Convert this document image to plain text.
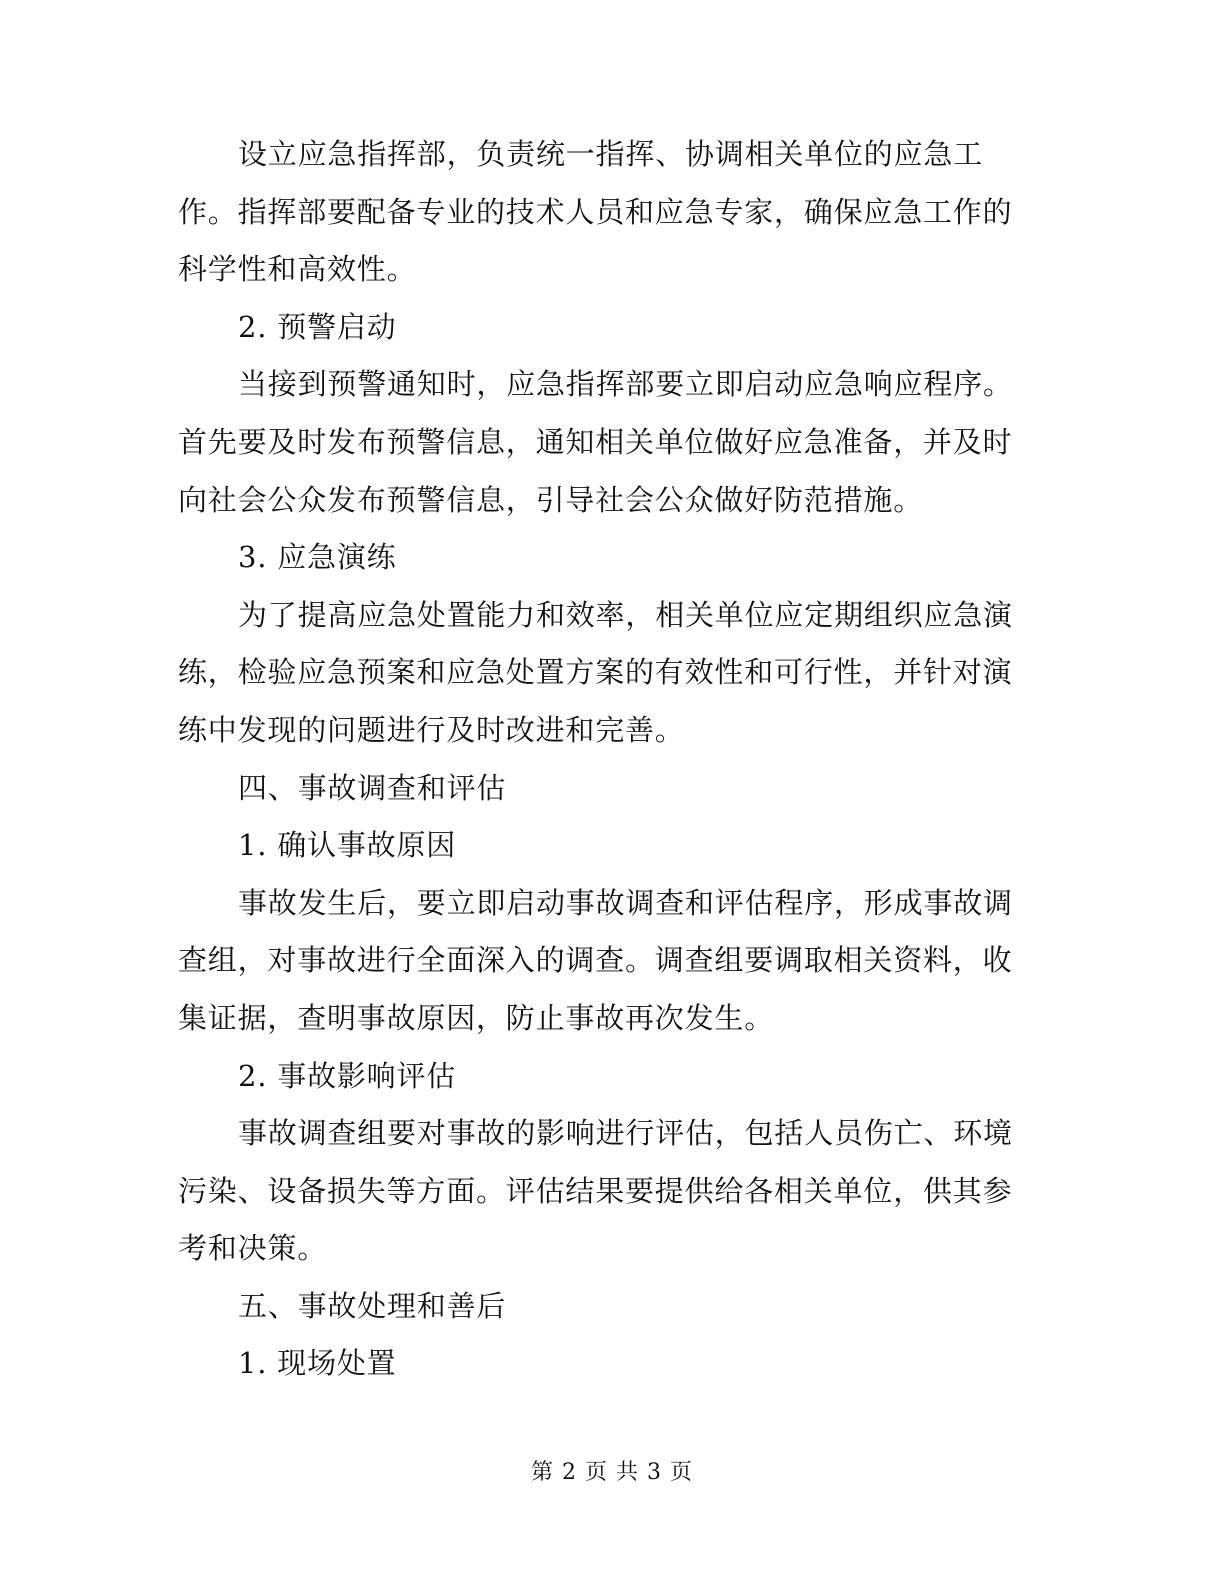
设立应急指挥部，负责统一指挥、协调相关单位的应急工
作。指挥部要配备专业的技术人员和应急专家，确保应急工作的
科学性和高效性。
2. 预警启动
当接到预警通知时，应急指挥部要立即启动应急响应程序。
首先要及时发布预警信息，通知相关单位做好应急准备，并及时
向社会公众发布预警信息，引导社会公众做好防范措施。
3. 应急演练
为了提高应急处置能力和效率，相关单位应定期组织应急演
练，检验应急预案和应急处置方案的有效性和可行性，并针对演
练中发现的问题进行及时改进和完善。
四、事故调查和评估
1. 确认事故原因
事故发生后，要立即启动事故调查和评估程序，形成事故调
查组，对事故进行全面深入的调查。调查组要调取相关资料，收
集证据，查明事故原因，防止事故再次发生。
2. 事故影响评估
事故调查组要对事故的影响进行评估，包括人员伤亡、环境
污染、设备损失等方面。评估结果要提供给各相关单位，供其参
考和决策。
五、事故处理和善后
1. 现场处置
第 2 页 共 3 页
